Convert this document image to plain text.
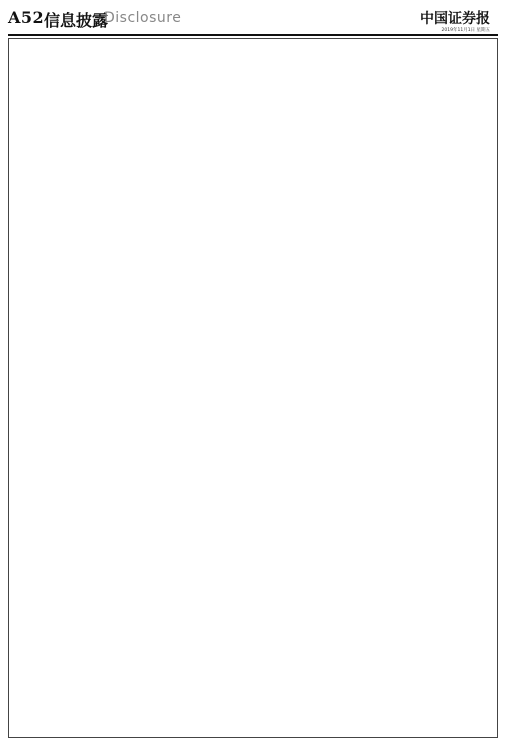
A52 信息披露
Disclosure	中国证券报
2019年11月1日 星期五
